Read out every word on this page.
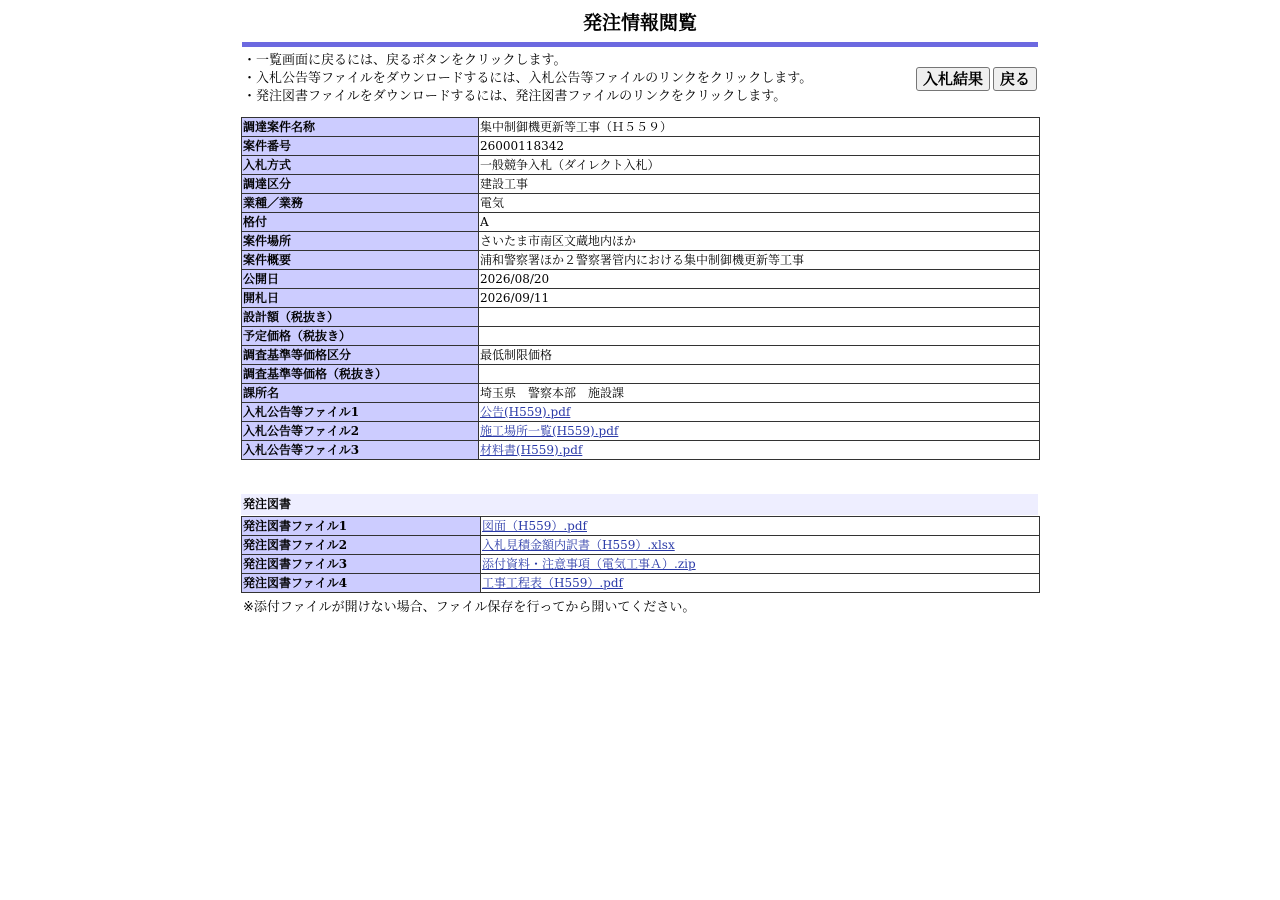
発注情報閲覧
・一覧画面に戻るには、戻るボタンをクリックします。
・入札公告等ファイルをダウンロードするには、入札公告等ファイルのリンクをクリックします。
・発注図書ファイルをダウンロードするには、発注図書ファイルのリンクをクリックします。
入札結果	戻る
調達案件名称	集中制御機更新等工事（Ｈ５５９）
案件番号	26000118342
入札方式	一般競争入札（ダイレクト入札）
調達区分	建設工事
業種／業務	電気
格付	A
案件場所	さいたま市南区文蔵地内ほか
案件概要	浦和警察署ほか２警察署管内における集中制御機更新等工事
公開日	2026/08/20
開札日	2026/09/11
設計額（税抜き）	
予定価格（税抜き）	
調査基準等価格区分	最低制限価格
調査基準等価格（税抜き）	
課所名	埼玉県　警察本部　施設課
入札公告等ファイル1	公告(H559).pdf
入札公告等ファイル2	施工場所一覧(H559).pdf
入札公告等ファイル3	材料書(H559).pdf
発注図書
発注図書ファイル1	図面（H559）.pdf
発注図書ファイル2	入札見積金額内訳書（H559）.xlsx
発注図書ファイル3	添付資料・注意事項（電気工事Ａ）.zip
発注図書ファイル4	工事工程表（H559）.pdf
※添付ファイルが開けない場合、ファイル保存を行ってから開いてください。
